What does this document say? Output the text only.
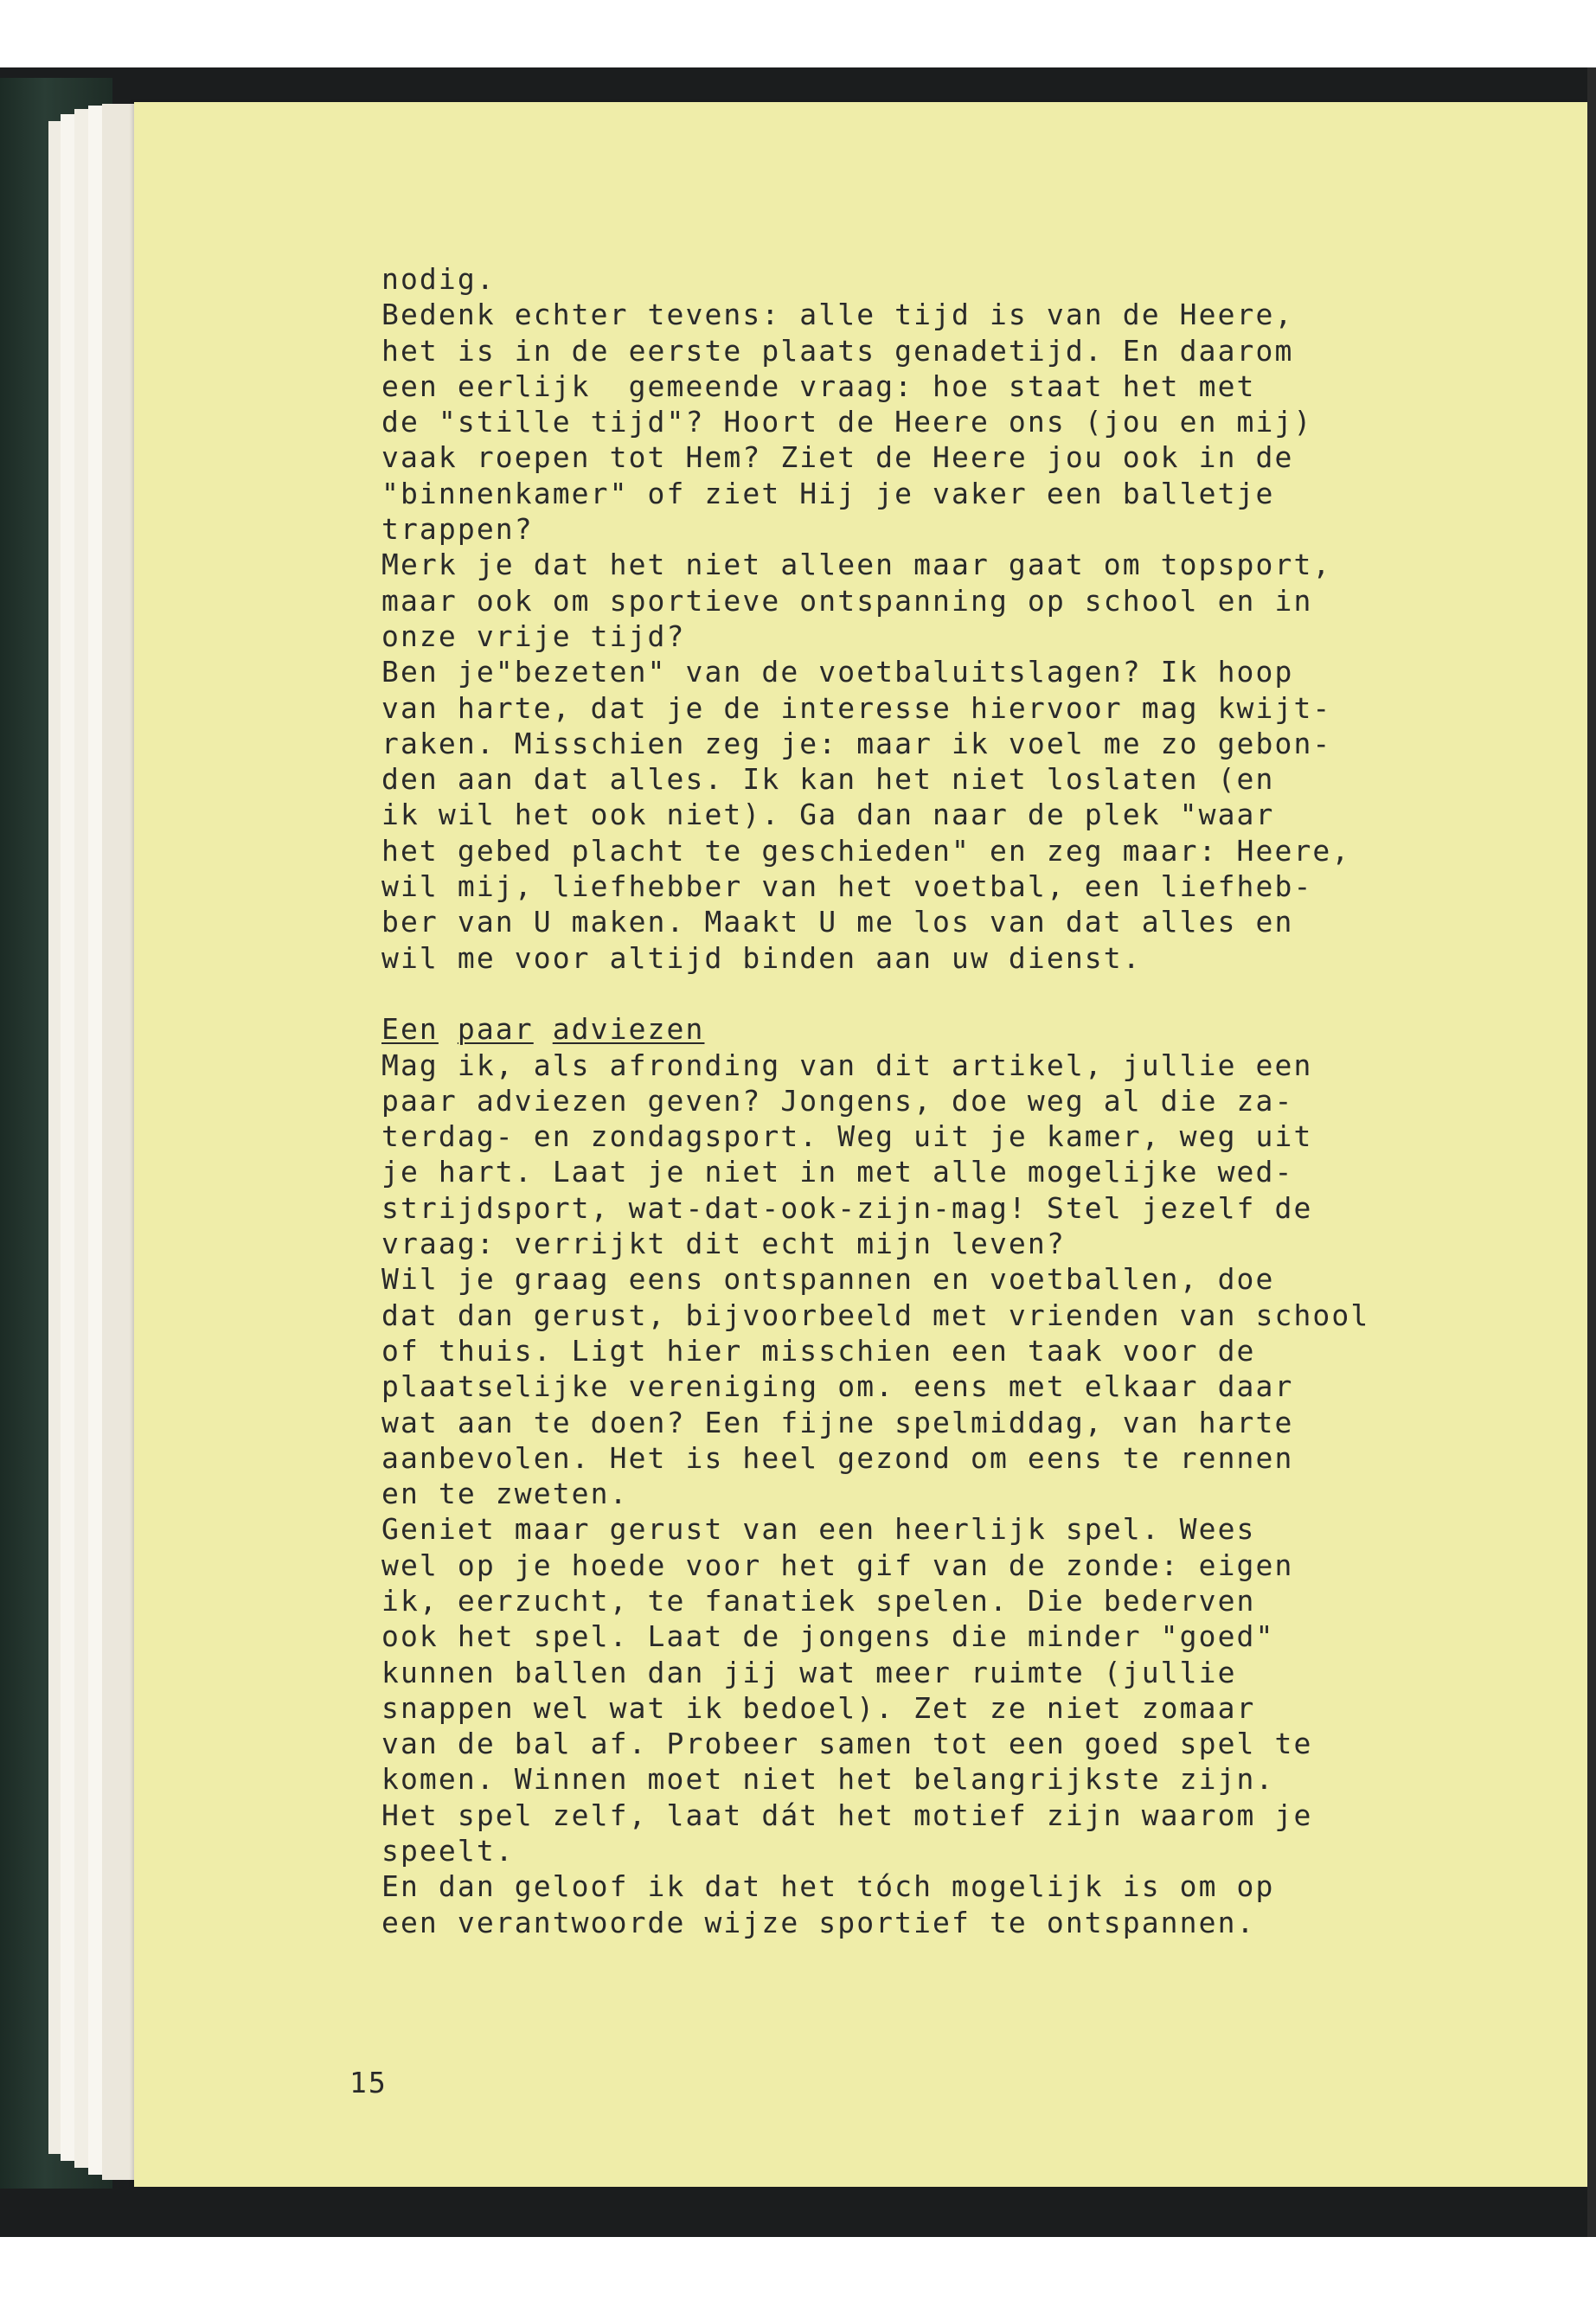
nodig.
Bedenk echter tevens: alle tijd is van de Heere,
het is in de eerste plaats genadetijd. En daarom
een eerlijk  gemeende vraag: hoe staat het met
de "stille tijd"? Hoort de Heere ons (jou en mij)
vaak roepen tot Hem? Ziet de Heere jou ook in de
"binnenkamer" of ziet Hij je vaker een balletje
trappen?
Merk je dat het niet alleen maar gaat om topsport,
maar ook om sportieve ontspanning op school en in
onze vrije tijd?
Ben je"bezeten" van de voetbaluitslagen? Ik hoop
van harte, dat je de interesse hiervoor mag kwijt-
raken. Misschien zeg je: maar ik voel me zo gebon-
den aan dat alles. Ik kan het niet loslaten (en
ik wil het ook niet). Ga dan naar de plek "waar
het gebed placht te geschieden" en zeg maar: Heere,
wil mij, liefhebber van het voetbal, een liefheb-
ber van U maken. Maakt U me los van dat alles en
wil me voor altijd binden aan uw dienst.
Een paar adviezen
Mag ik, als afronding van dit artikel, jullie een
paar adviezen geven? Jongens, doe weg al die za-
terdag- en zondagsport. Weg uit je kamer, weg uit
je hart. Laat je niet in met alle mogelijke wed-
strijdsport, wat-dat-ook-zijn-mag! Stel jezelf de
vraag: verrijkt dit echt mijn leven?
Wil je graag eens ontspannen en voetballen, doe
dat dan gerust, bijvoorbeeld met vrienden van school
of thuis. Ligt hier misschien een taak voor de
plaatselijke vereniging om. eens met elkaar daar
wat aan te doen? Een fijne spelmiddag, van harte
aanbevolen. Het is heel gezond om eens te rennen
en te zweten.
Geniet maar gerust van een heerlijk spel. Wees
wel op je hoede voor het gif van de zonde: eigen
ik, eerzucht, te fanatiek spelen. Die bederven
ook het spel. Laat de jongens die minder "goed"
kunnen ballen dan jij wat meer ruimte (jullie
snappen wel wat ik bedoel). Zet ze niet zomaar
van de bal af. Probeer samen tot een goed spel te
komen. Winnen moet niet het belangrijkste zijn.
Het spel zelf, laat dát het motief zijn waarom je
speelt.
En dan geloof ik dat het tóch mogelijk is om op
een verantwoorde wijze sportief te ontspannen.
15
